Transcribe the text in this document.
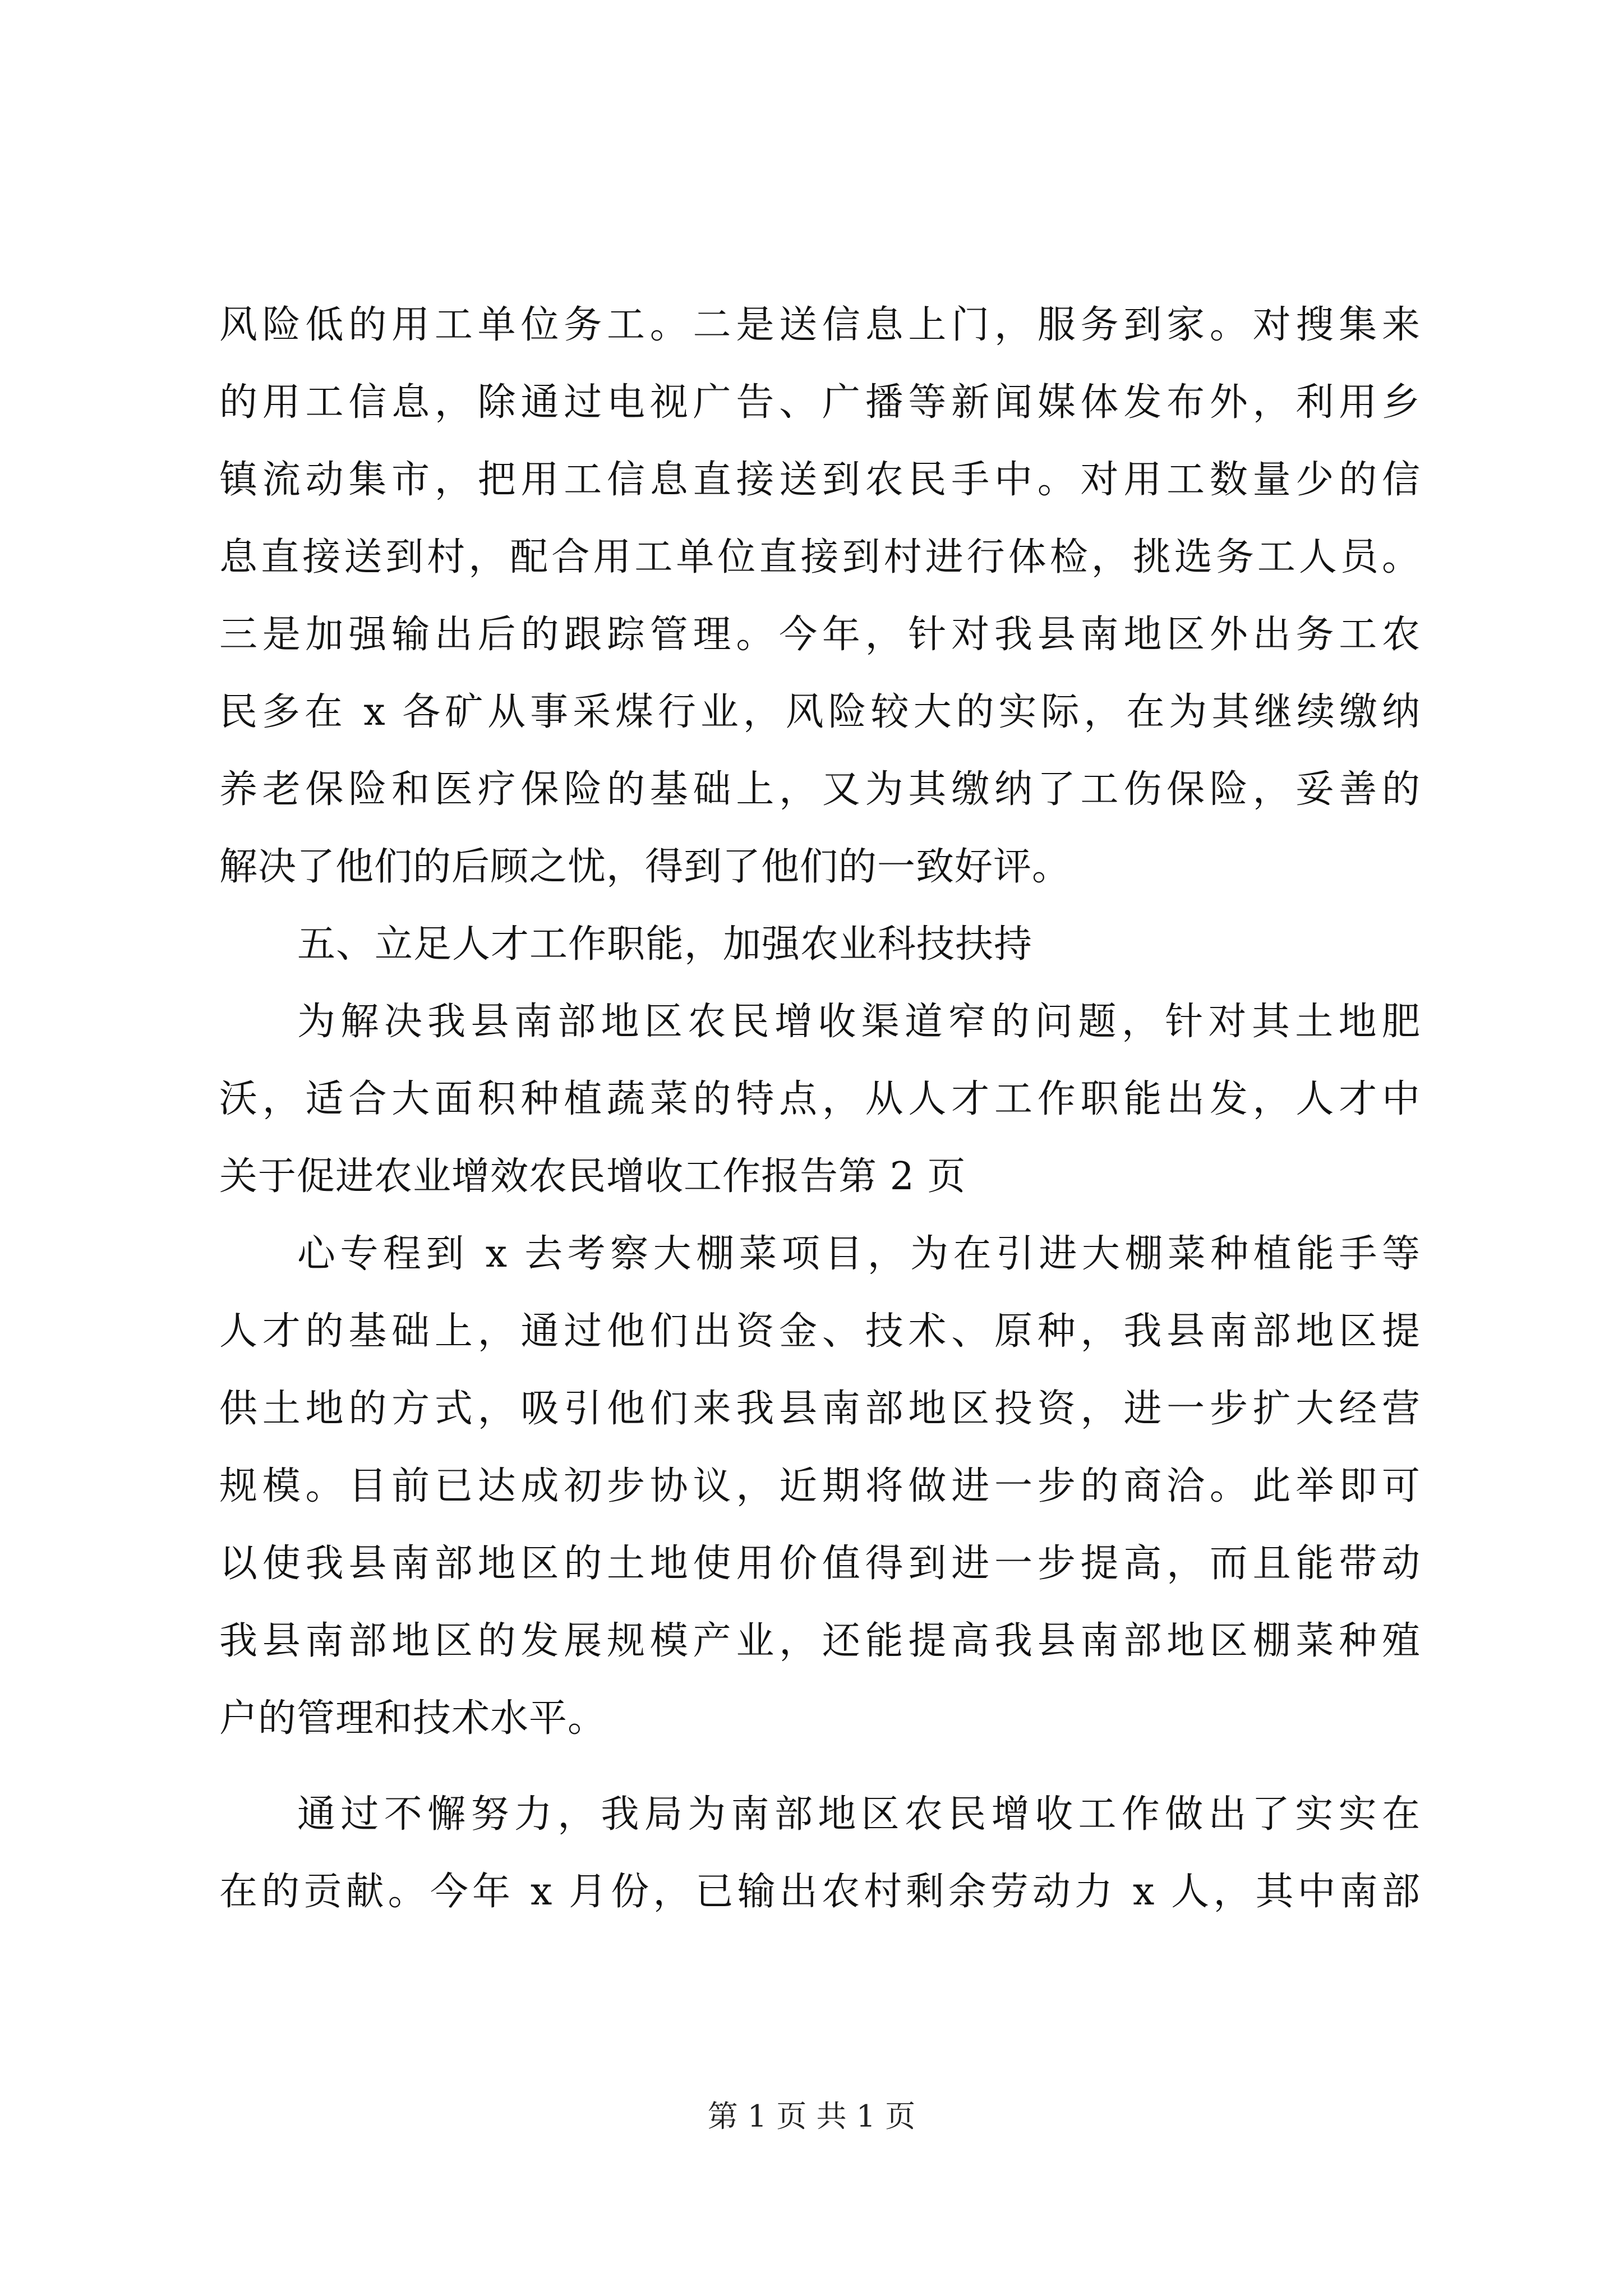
风险低的用工单位务工。二是送信息上门，服务到家。对搜集来
的用工信息，除通过电视广告、广播等新闻媒体发布外，利用乡
镇流动集市，把用工信息直接送到农民手中。对用工数量少的信
息直接送到村，配合用工单位直接到村进行体检，挑选务工人员。
三是加强输出后的跟踪管理。今年，针对我县南地区外出务工农
民多在 x 各矿从事采煤行业，风险较大的实际，在为其继续缴纳
养老保险和医疗保险的基础上，又为其缴纳了工伤保险，妥善的
解决了他们的后顾之忧，得到了他们的一致好评。
五、立足人才工作职能，加强农业科技扶持
为解决我县南部地区农民增收渠道窄的问题，针对其土地肥
沃，适合大面积种植蔬菜的特点，从人才工作职能出发，人才中
关于促进农业增效农民增收工作报告第 2 页
心专程到 x 去考察大棚菜项目，为在引进大棚菜种植能手等
人才的基础上，通过他们出资金、技术、原种，我县南部地区提
供土地的方式，吸引他们来我县南部地区投资，进一步扩大经营
规模。目前已达成初步协议，近期将做进一步的商洽。此举即可
以使我县南部地区的土地使用价值得到进一步提高，而且能带动
我县南部地区的发展规模产业，还能提高我县南部地区棚菜种殖
户的管理和技术水平。
通过不懈努力，我局为南部地区农民增收工作做出了实实在
在的贡献。今年 x 月份，已输出农村剩余劳动力 x 人，其中南部
第 1 页 共 1 页
